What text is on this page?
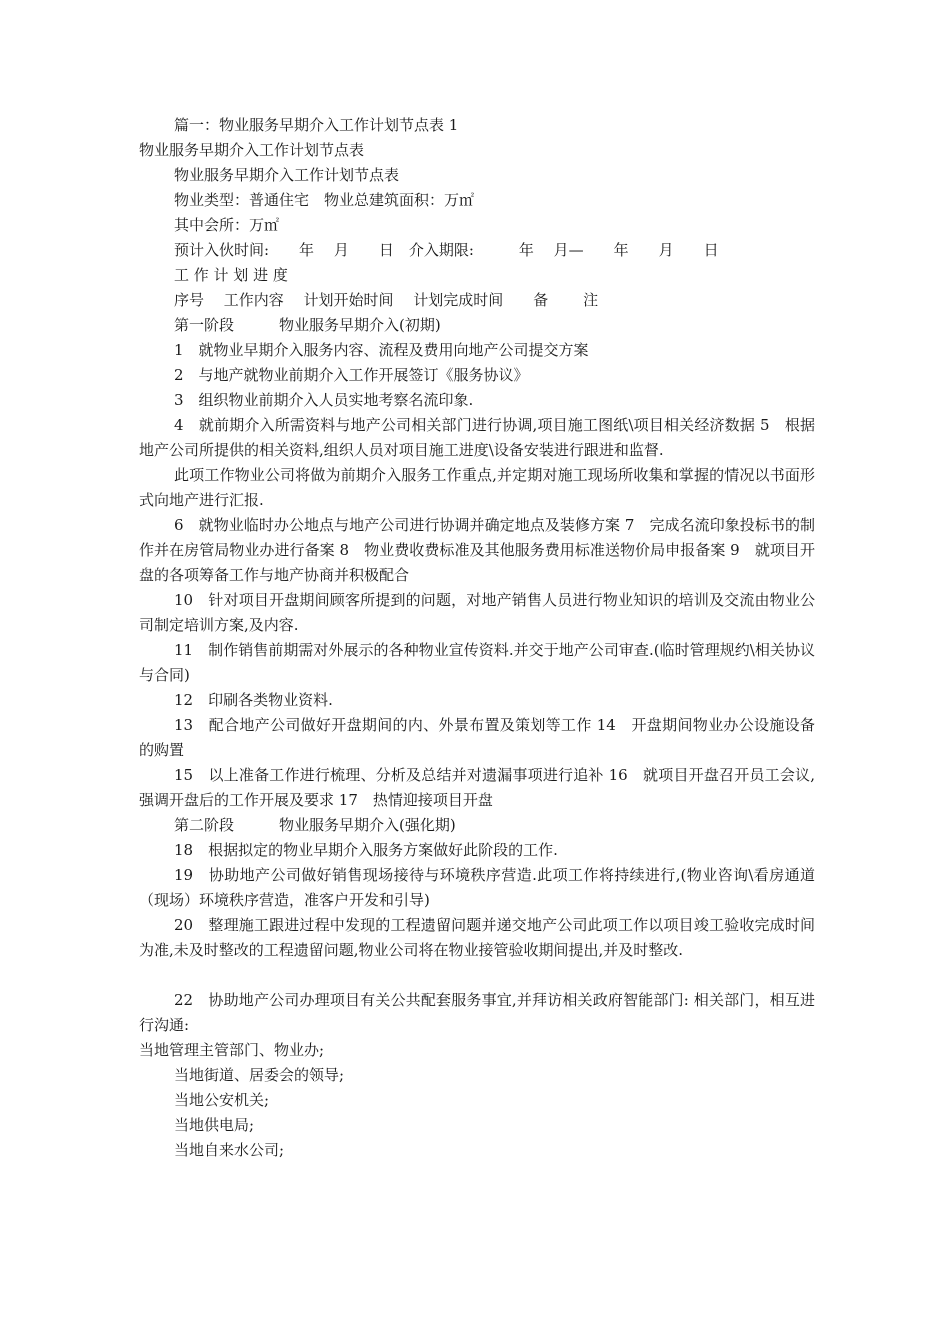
篇一：物业服务早期介入工作计划节点表 1

物业服务早期介入工作计划节点表

物业服务早期介入工作计划节点表

物业类型：普通住宅　物业总建筑面积：万㎡

其中会所：万㎡

预计入伙时间:　　年　 月　　日　介入期限:　　　年　 月—　　年　　月　　日

工 作 计 划 进 度

序号　 工作内容　 计划开始时间　 计划完成时间　　备　　 注

第一阶段　　　物业服务早期介入(初期)

1　就物业早期介入服务内容、流程及费用向地产公司提交方案

2　与地产就物业前期介入工作开展签订《服务协议》

3　组织物业前期介入人员实地考察名流印象.

4　就前期介入所需资料与地产公司相关部门进行协调,项目施工图纸\项目相关经济数据 5　根据地产公司所提供的相关资料,组织人员对项目施工进度\设备安装进行跟进和监督.

此项工作物业公司将做为前期介入服务工作重点,并定期对施工现场所收集和掌握的情况以书面形式向地产进行汇报.

6　就物业临时办公地点与地产公司进行协调并确定地点及装修方案 7　完成名流印象投标书的制作并在房管局物业办进行备案 8　物业费收费标准及其他服务费用标准送物价局申报备案 9　就项目开盘的各项筹备工作与地产协商并积极配合

10　针对项目开盘期间顾客所提到的问题，对地产销售人员进行物业知识的培训及交流由物业公司制定培训方案,及内容.

11　制作销售前期需对外展示的各种物业宣传资料.并交于地产公司审查.(临时管理规约\相关协议与合同)

12　印刷各类物业资料.

13　配合地产公司做好开盘期间的内、外景布置及策划等工作 14　开盘期间物业办公设施设备的购置

15　以上准备工作进行梳理、分析及总结并对遗漏事项进行追补 16　就项目开盘召开员工会议,强调开盘后的工作开展及要求 17　热情迎接项目开盘

第二阶段　　　物业服务早期介入(强化期)

18　根据拟定的物业早期介入服务方案做好此阶段的工作.

19　协助地产公司做好销售现场接待与环境秩序营造.此项工作将持续进行,(物业咨询\看房通道（现场）环境秩序营造，准客户开发和引导)

20　整理施工跟进过程中发现的工程遗留问题并递交地产公司此项工作以项目竣工验收完成时间为准,未及时整改的工程遗留问题,物业公司将在物业接管验收期间提出,并及时整改.

22　协助地产公司办理项目有关公共配套服务事宜,并拜访相关政府智能部门: 相关部门，相互进行沟通:

当地管理主管部门、物业办;

当地街道、居委会的领导;

当地公安机关;

当地供电局;

当地自来水公司;
